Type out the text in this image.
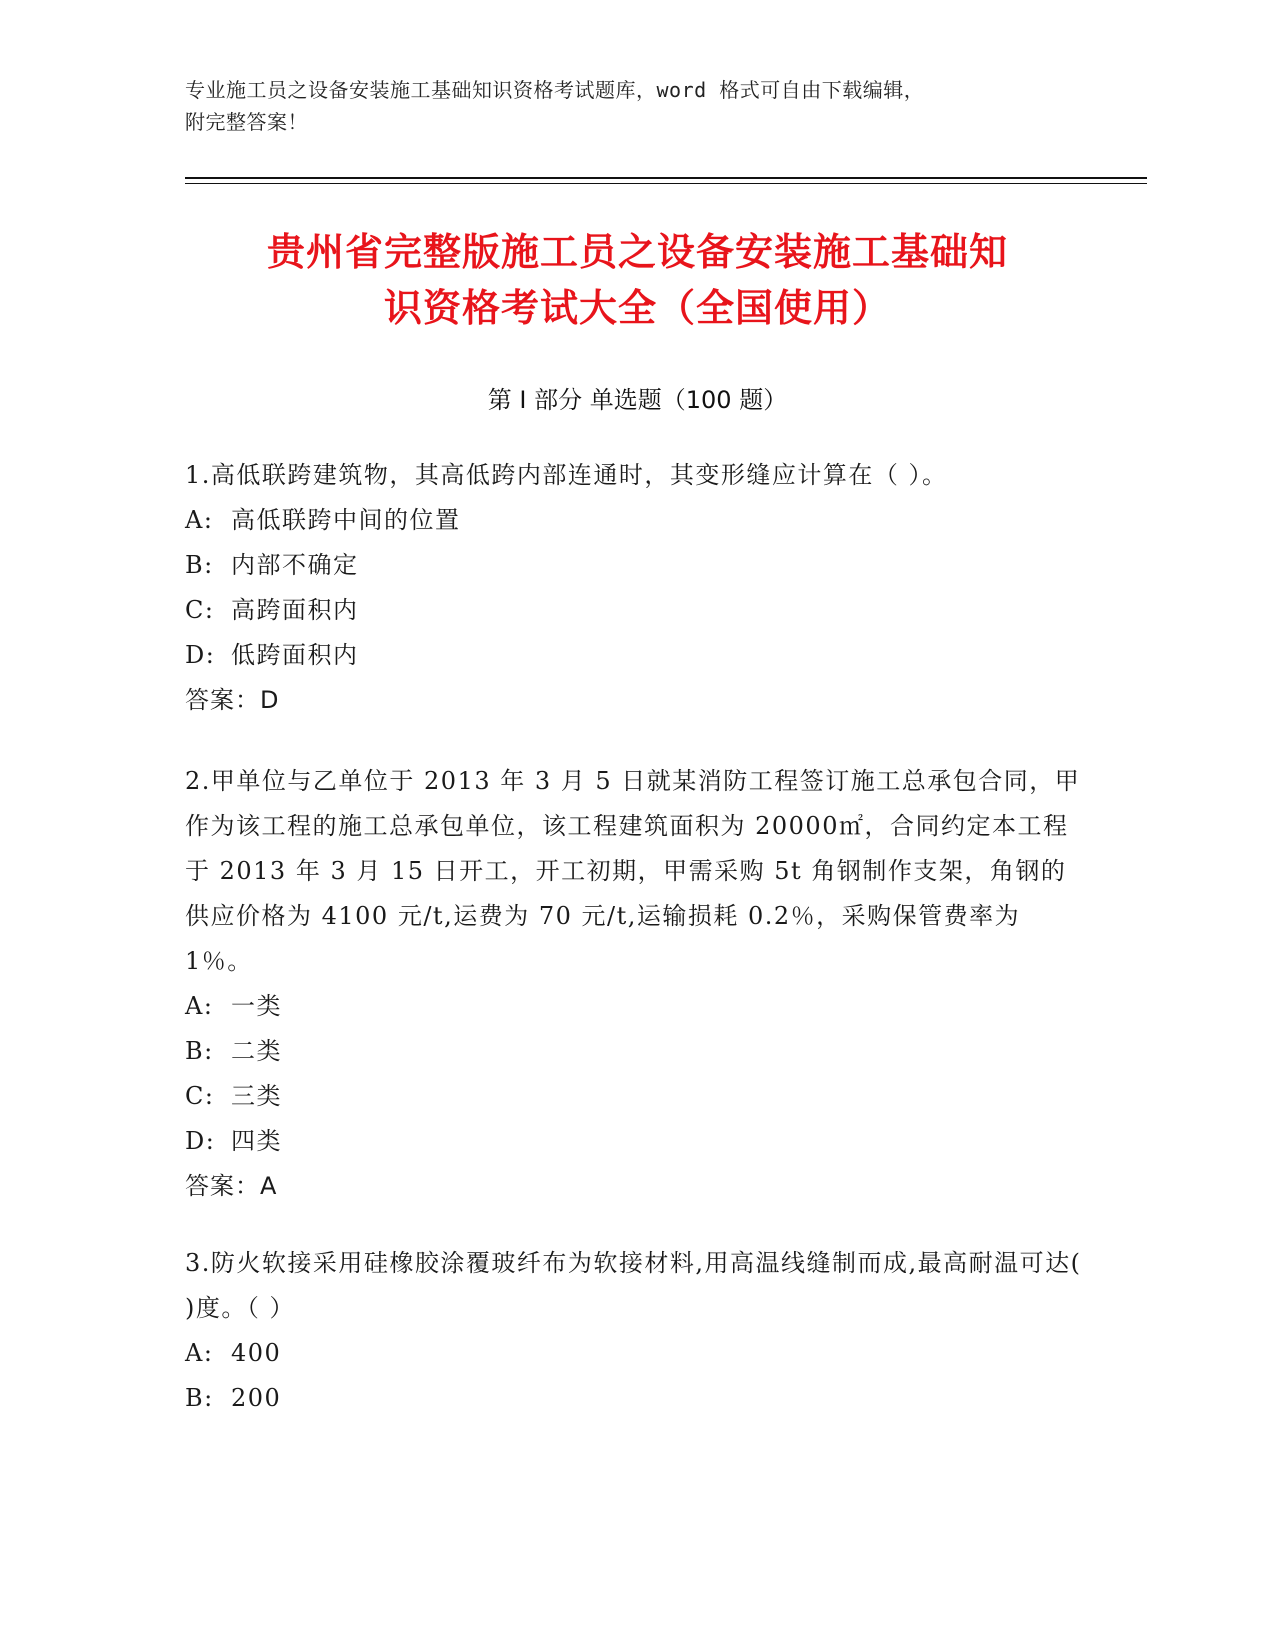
专业施工员之设备安装施工基础知识资格考试题库，word 格式可自由下载编辑，
附完整答案！
贵州省完整版施工员之设备安装施工基础知
识资格考试大全（全国使用）
第 I 部分 单选题（100 题）

1.高低联跨建筑物，其高低跨内部连通时，其变形缝应计算在（ ）。

A: 高低联跨中间的位置

B: 内部不确定

C: 高跨面积内

D: 低跨面积内

答案：D

2.甲单位与乙单位于 2013 年 3 月 5 日就某消防工程签订施工总承包合同，甲作为该工程的施工总承包单位，该工程建筑面积为 20000㎡，合同约定本工程于 2013 年 3 月 15 日开工，开工初期，甲需采购 5t 角钢制作支架，角钢的供应价格为 4100 元/t,运费为 70 元/t,运输损耗 0.2％，采购保管费率为 1％。

A: 一类

B: 二类

C: 三类

D: 四类

答案：A

3.防火软接采用硅橡胶涂覆玻纤布为软接材料,用高温线缝制而成,最高耐温可达( )度。（ ）

A: 400

B: 200
